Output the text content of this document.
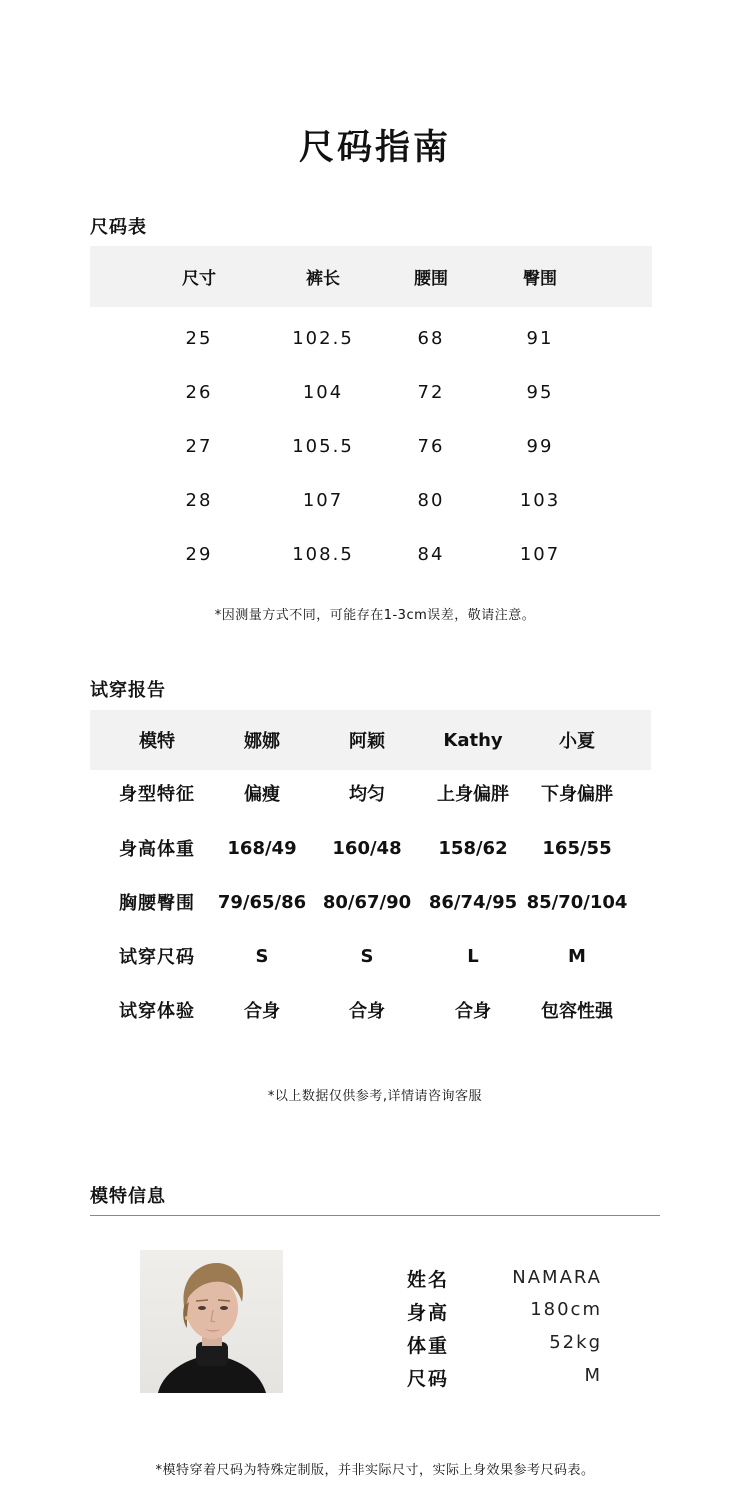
尺码指南
尺码表
尺寸	裤长	腰围	臀围
25	102.5	68	91
26	104	72	95
27	105.5	76	99
28	107	80	103
29	108.5	84	107
*因测量方式不同，可能存在1-3cm误差，敬请注意。
试穿报告
模特	娜娜	阿颖	Kathy	小夏
身型特征	偏瘦	均匀	上身偏胖	下身偏胖
身高体重	168/49	160/48	158/62	165/55
胸腰臀围	79/65/86 80/67/90 86/74/95 85/70/104
试穿尺码	S	S	L	M
试穿体验	合身	合身	合身	包容性强
*以上数据仅供参考,详情请咨询客服
模特信息
姓名	NAMARA
身高	180cm
体重	52kg
尺码	M
*模特穿着尺码为特殊定制版，并非实际尺寸，实际上身效果参考尺码表。
